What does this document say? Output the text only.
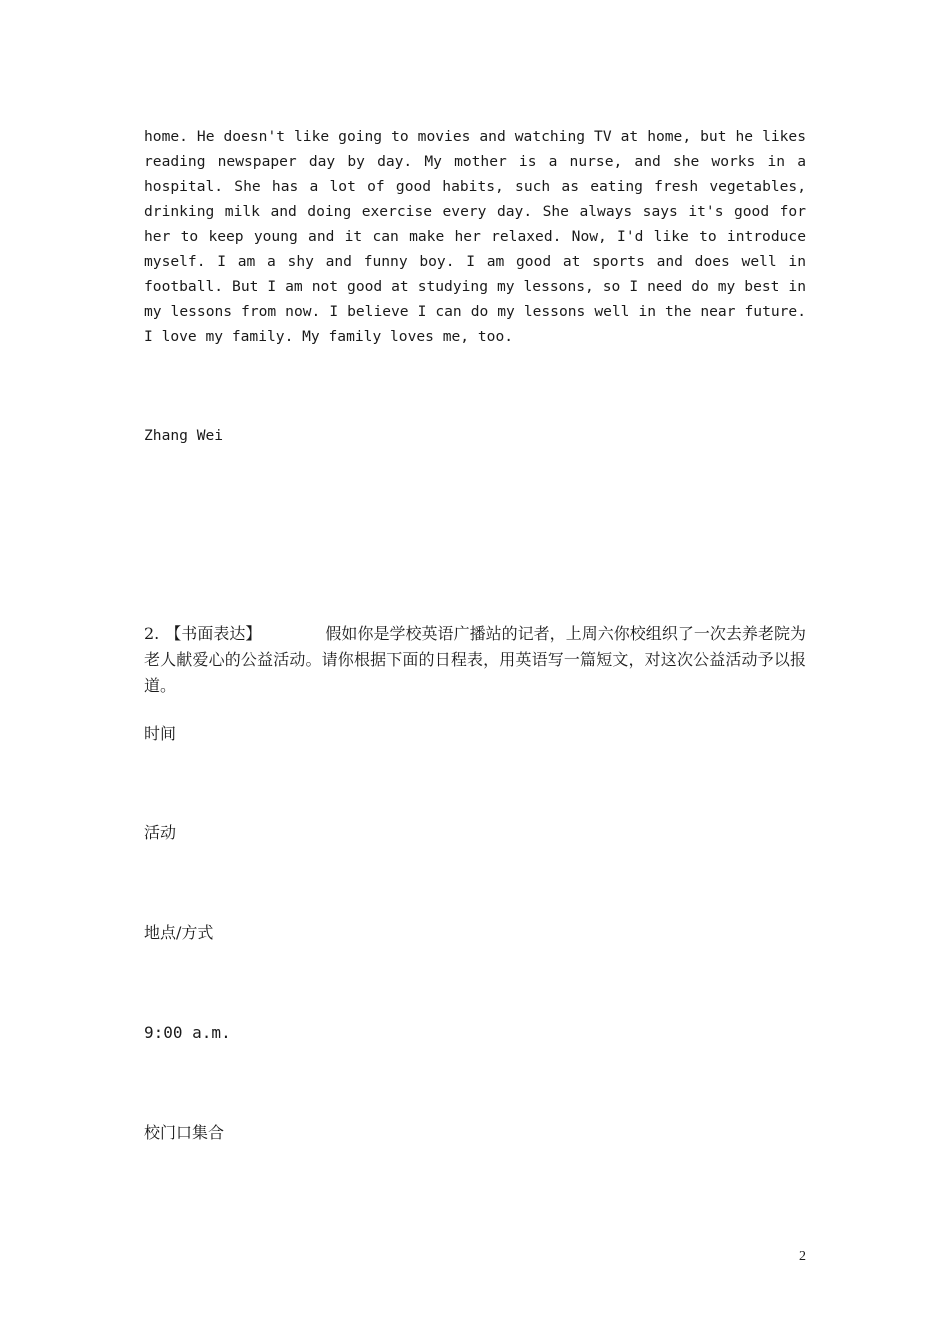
home. He doesn't like going to movies and watching TV at home, but he likes reading newspaper day by day. My mother is a nurse, and she works in a hospital. She has a lot of good habits, such as eating fresh vegetables, drinking milk and doing exercise every day. She always says it's good for her to keep young and it can make her relaxed. Now, I'd like to introduce myself. I am a shy and funny boy. I am good at sports and does well in football. But I am not good at studying my lessons, so I need do my best in my lessons from now. I believe I can do my lessons well in the near future. I love my family. My family loves me, too.

Zhang Wei

2. 【书面表达】	假如你是学校英语广播站的记者，上周六你校组织了一次去养老院为老人献爱心的公益活动。请你根据下面的日程表，用英语写一篇短文，对这次公益活动予以报道。

时间
活动
地点/方式
9:00 a.m.
校门口集合
2
